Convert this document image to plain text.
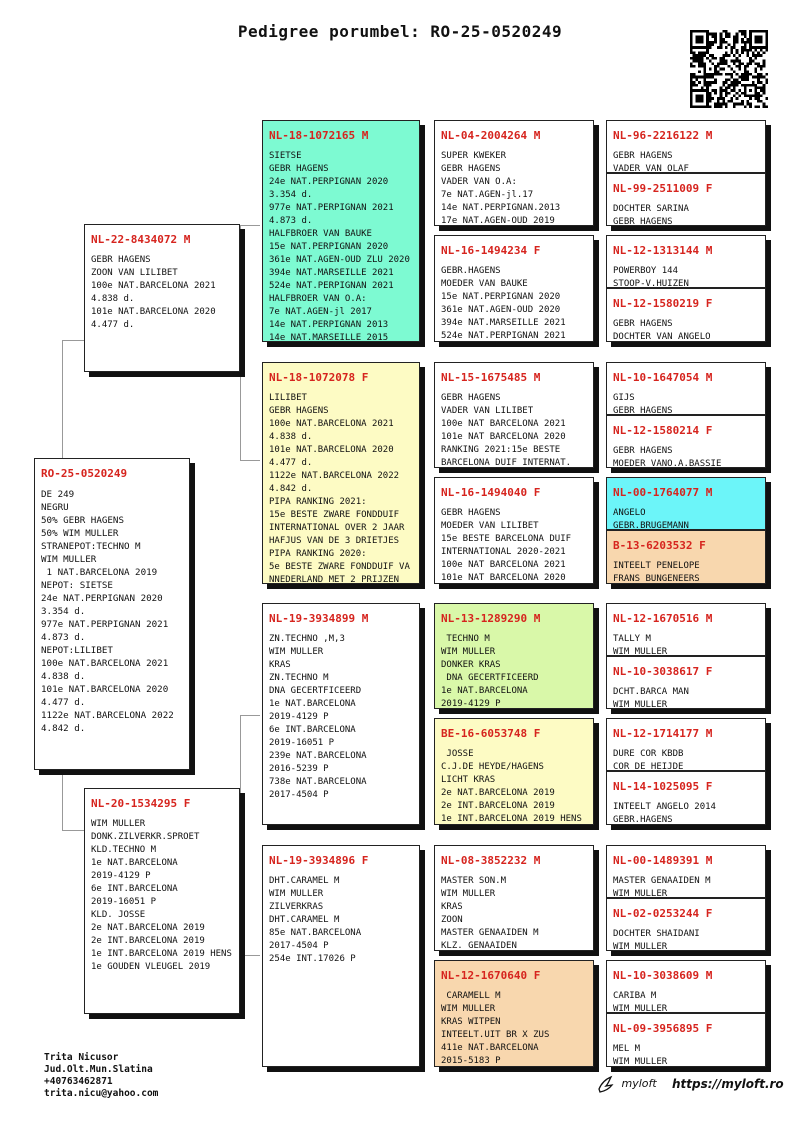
Pedigree porumbel: RO-25-0520249
RO-25-0520249
DE 249
NEGRU
50% GEBR HAGENS
50% WIM MULLER
STRANEPOT:TECHNO M
WIM MULLER
1 NAT.BARCELONA 2019
NEPOT: SIETSE
24e NAT.PERPIGNAN 2020
3.354 d.
977e NAT.PERPIGNAN 2021
4.873 d.
NEPOT:LILIBET
100e NAT.BARCELONA 2021
4.838 d.
101e NAT.BARCELONA 2020
4.477 d.
1122e NAT.BARCELONA 2022
4.842 d.
NL-22-8434072 M
GEBR HAGENS
ZOON VAN LILIBET
100e NAT.BARCELONA 2021
4.838 d.
101e NAT.BARCELONA 2020
4.477 d.
NL-20-1534295 F
WIM MULLER
DONK.ZILVERKR.SPROET
KLD.TECHNO M
1e NAT.BARCELONA
2019-4129 P
6e INT.BARCELONA
2019-16051 P
KLD. JOSSE
2e NAT.BARCELONA 2019
2e INT.BARCELONA 2019
1e INT.BARCELONA 2019 HENS
1e GOUDEN VLEUGEL 2019
NL-18-1072165 M
SIETSE
GEBR HAGENS
24e NAT.PERPIGNAN 2020
3.354 d.
977e NAT.PERPIGNAN 2021
4.873 d.
HALFBROER VAN BAUKE
15e NAT.PERPIGNAN 2020
361e NAT.AGEN-OUD ZLU 2020
394e NAT.MARSEILLE 2021
524e NAT.PERPIGNAN 2021
HALFBROER VAN O.A:
7e NAT.AGEN-jl 2017
14e NAT.PERPIGNAN 2013
14e NAT.MARSEILLE 2015
NL-18-1072078 F
LILIBET
GEBR HAGENS
100e NAT.BARCELONA 2021
4.838 d.
101e NAT.BARCELONA 2020
4.477 d.
1122e NAT.BARCELONA 2022
4.842 d.
PIPA RANKING 2021:
15e BESTE ZWARE FONDDUIF
INTERNATIONAL OVER 2 JAAR
HAFJUS VAN DE 3 DRIETJES
PIPA RANKING 2020:
5e BESTE ZWARE FONDDUIF VA
NNEDERLAND MET 2 PRIJZEN
NL-19-3934899 M
ZN.TECHNO ,M,3
WIM MULLER
KRAS
ZN.TECHNO M
DNA GECERTFICEERD
1e NAT.BARCELONA
2019-4129 P
6e INT.BARCELONA
2019-16051 P
239e NAT.BARCELONA
2016-5239 P
738e NAT.BARCELONA
2017-4504 P
NL-19-3934896 F
DHT.CARAMEL M
WIM MULLER
ZILVERKRAS
DHT.CARAMEL M
85e NAT.BARCELONA
2017-4504 P
254e INT.17026 P
NL-04-2004264 M
SUPER KWEKER
GEBR HAGENS
VADER VAN O.A:
7e NAT.AGEN-jl.17
14e NAT.PERPIGNAN.2013
17e NAT.AGEN-OUD 2019
NL-16-1494234 F
GEBR.HAGENS
MOEDER VAN BAUKE
15e NAT.PERPIGNAN 2020
361e NAT.AGEN-OUD 2020
394e NAT.MARSEILLE 2021
524e NAT.PERPIGNAN 2021
NL-15-1675485 M
GEBR HAGENS
VADER VAN LILIBET
100e NAT BARCELONA 2021
101e NAT BARCELONA 2020
RANKING 2021:15e BESTE
BARCELONA DUIF INTERNAT.
NL-16-1494040 F
GEBR HAGENS
MOEDER VAN LILIBET
15e BESTE BARCELONA DUIF
INTERNATIONAL 2020-2021
100e NAT BARCELONA 2021
101e NAT BARCELONA 2020
NL-13-1289290 M
TECHNO M
WIM MULLER
DONKER KRAS
DNA GECERTFICEERD
1e NAT.BARCELONA
2019-4129 P
BE-16-6053748 F
JOSSE
C.J.DE HEYDE/HAGENS
LICHT KRAS
2e NAT.BARCELONA 2019
2e INT.BARCELONA 2019
1e INT.BARCELONA 2019 HENS
NL-08-3852232 M
MASTER SON.M
WIM MULLER
KRAS
ZOON
MASTER GENAAIDEN M
KLZ. GENAAIDEN
NL-12-1670640 F
CARAMELL M
WIM MULLER
KRAS WITPEN
INTEELT.UIT BR X ZUS
411e NAT.BARCELONA
2015-5183 P
NL-96-2216122 M
GEBR HAGENS
VADER VAN OLAF

NL-99-2511009 F
DOCHTER SARINA
GEBR HAGENS

NL-12-1313144 M
POWERBOY 144
STOOP-V.HUIZEN

NL-12-1580219 F
GEBR HAGENS
DOCHTER VAN ANGELO

NL-10-1647054 M
GIJS
GEBR HAGENS

NL-12-1580214 F
GEBR HAGENS
MOEDER VANO.A.BASSIE

NL-00-1764077 M
ANGELO
GEBR.BRUGEMANN

B-13-6203532 F
INTEELT PENELOPE
FRANS BUNGENEERS

NL-12-1670516 M
TALLY M
WIM MULLER

NL-10-3038617 F
DCHT.BARCA MAN
WIM MULLER

NL-12-1714177 M
DURE COR KBDB
COR DE HEIJDE

NL-14-1025095 F
INTEELT ANGELO 2014
GEBR.HAGENS

NL-00-1489391 M
MASTER GENAAIDEN M
WIM MULLER

NL-02-0253244 F
DOCHTER SHAIDANI
WIM MULLER

NL-10-3038609 M
CARIBA M
WIM MULLER

NL-09-3956895 F
MEL M
WIM MULLER

Trita Nicusor
Jud.Olt.Mun.Slatina
+40763462871
trita.nicu@yahoo.com
myloft https://myloft.ro
